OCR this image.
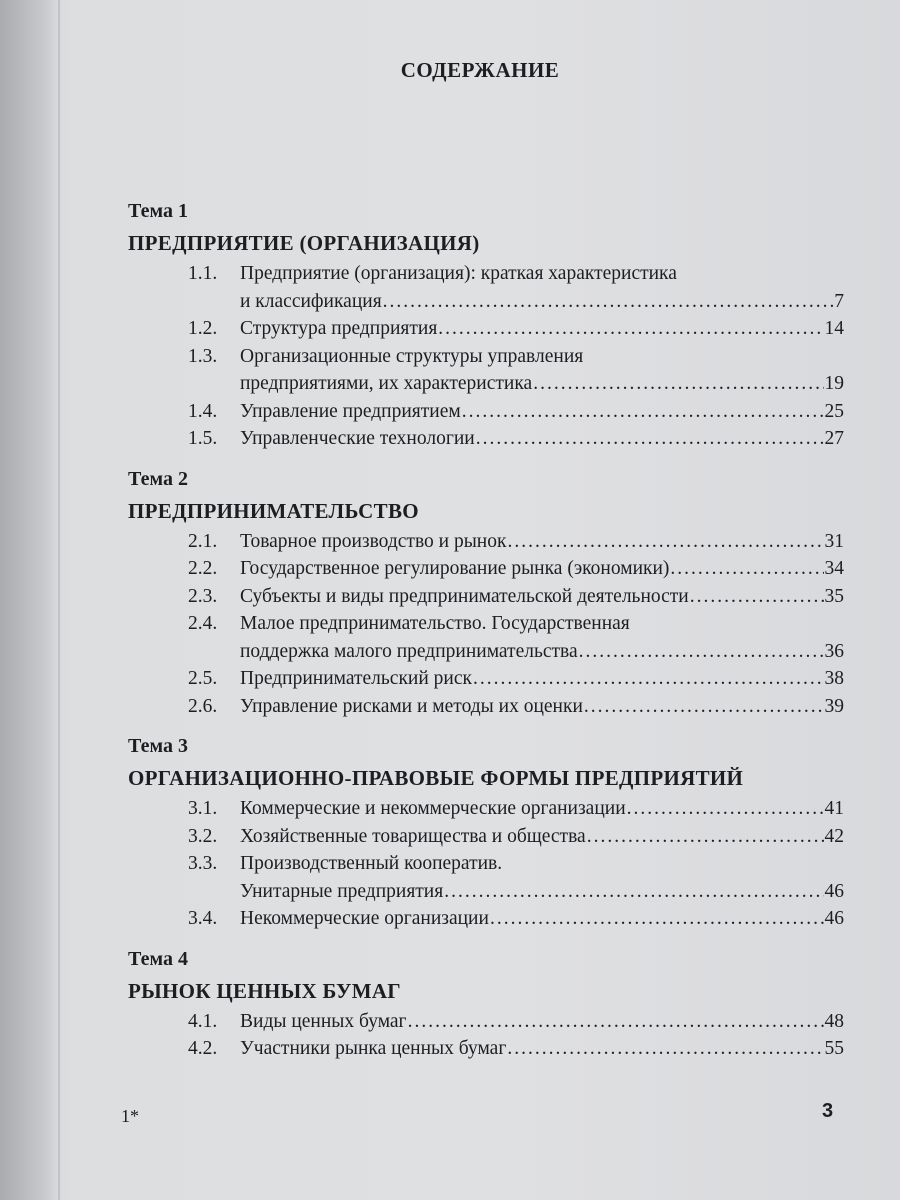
СОДЕРЖАНИЕ
Тема 1
ПРЕДПРИЯТИЕ (ОРГАНИЗАЦИЯ)
1.1.	Предприятие (организация): краткая характеристика
и классификация .....	7
1.2.	Структура предприятия .....	14
1.3.	Организационные структуры управления
предприятиями, их характеристика .....	19
1.4.	Управление предприятием .....	25
1.5.	Управленческие технологии .....	27
Тема 2
ПРЕДПРИНИМАТЕЛЬСТВО
2.1.	Товарное производство и рынок .....	31
2.2.	Государственное регулирование рынка (экономики) .....	34
2.3.	Субъекты и виды предпринимательской деятельности .....	35
2.4.	Малое предпринимательство. Государственная
поддержка малого предпринимательства .....	36
2.5.	Предпринимательский риск .....	38
2.6.	Управление рисками и методы их оценки .....	39
Тема 3
ОРГАНИЗАЦИОННО-ПРАВОВЫЕ ФОРМЫ ПРЕДПРИЯТИЙ
3.1.	Коммерческие и некоммерческие организации .....	41
3.2.	Хозяйственные товарищества и общества .....	42
3.3.	Производственный кооператив.
Унитарные предприятия .....	46
3.4.	Некоммерческие организации .....	46
Тема 4
РЫНОК ЦЕННЫХ БУМАГ
4.1.	Виды ценных бумаг .....	48
4.2.	Участники рынка ценных бумаг .....	55
1*	3
